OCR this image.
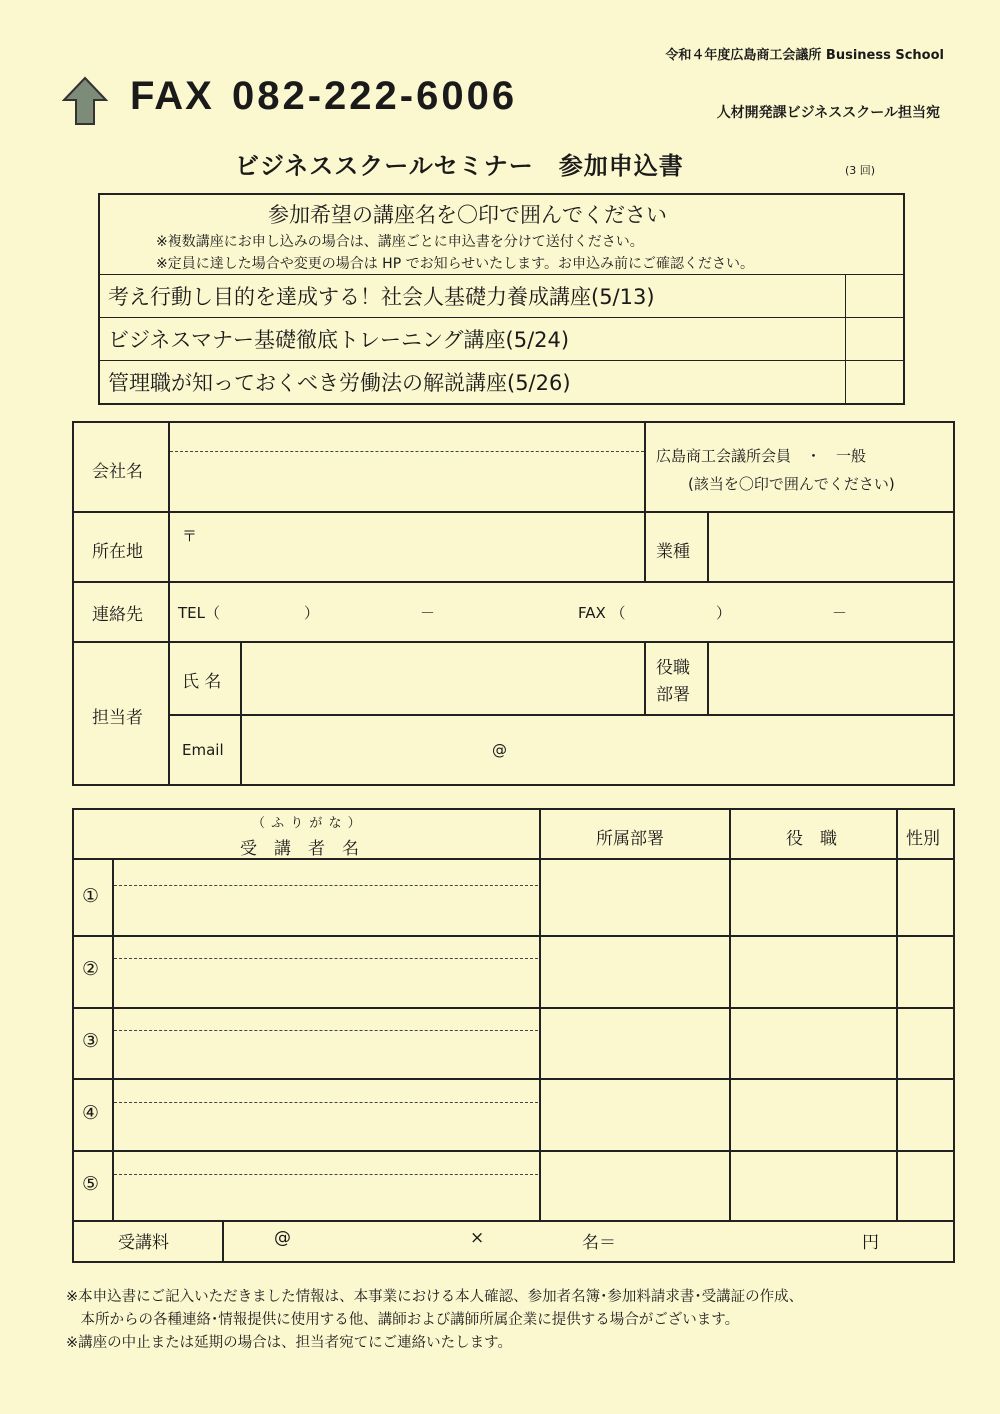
令和４年度広島商工会議所 Business School
FAX 082-222-6006	人材開発課ビジネススクール担当宛
ビジネススクールセミナー　参加申込書	(3 回)
参加希望の講座名を〇印で囲んでください
※複数講座にお申し込みの場合は、講座ごとに申込書を分けて送付ください。
※定員に達した場合や変更の場合は HP でお知らせいたします。お申込み前にご確認ください。
考え行動し目的を達成する！社会人基礎力養成講座(5/13)
ビジネスマナー基礎徹底トレーニング講座(5/24)
管理職が知っておくべき労働法の解説講座(5/26)
会社名
広島商工会議所会員　・　一般
(該当を〇印で囲んでください)
所在地
〒
業種
連絡先 TEL（	）	－	FAX （	）	－
担当者
氏 名
役職
部署
Email	@
（ ふ り が な ）
受　講　者　名	所属部署	役　職	性別
①
②
③
④
⑤
受講料	@	×	名＝	円
※本申込書にご記入いただきました情報は、本事業における本人確認、参加者名簿･参加料請求書･受講証の作成、
　本所からの各種連絡･情報提供に使用する他、講師および講師所属企業に提供する場合がございます。
※講座の中止または延期の場合は、担当者宛てにご連絡いたします。
